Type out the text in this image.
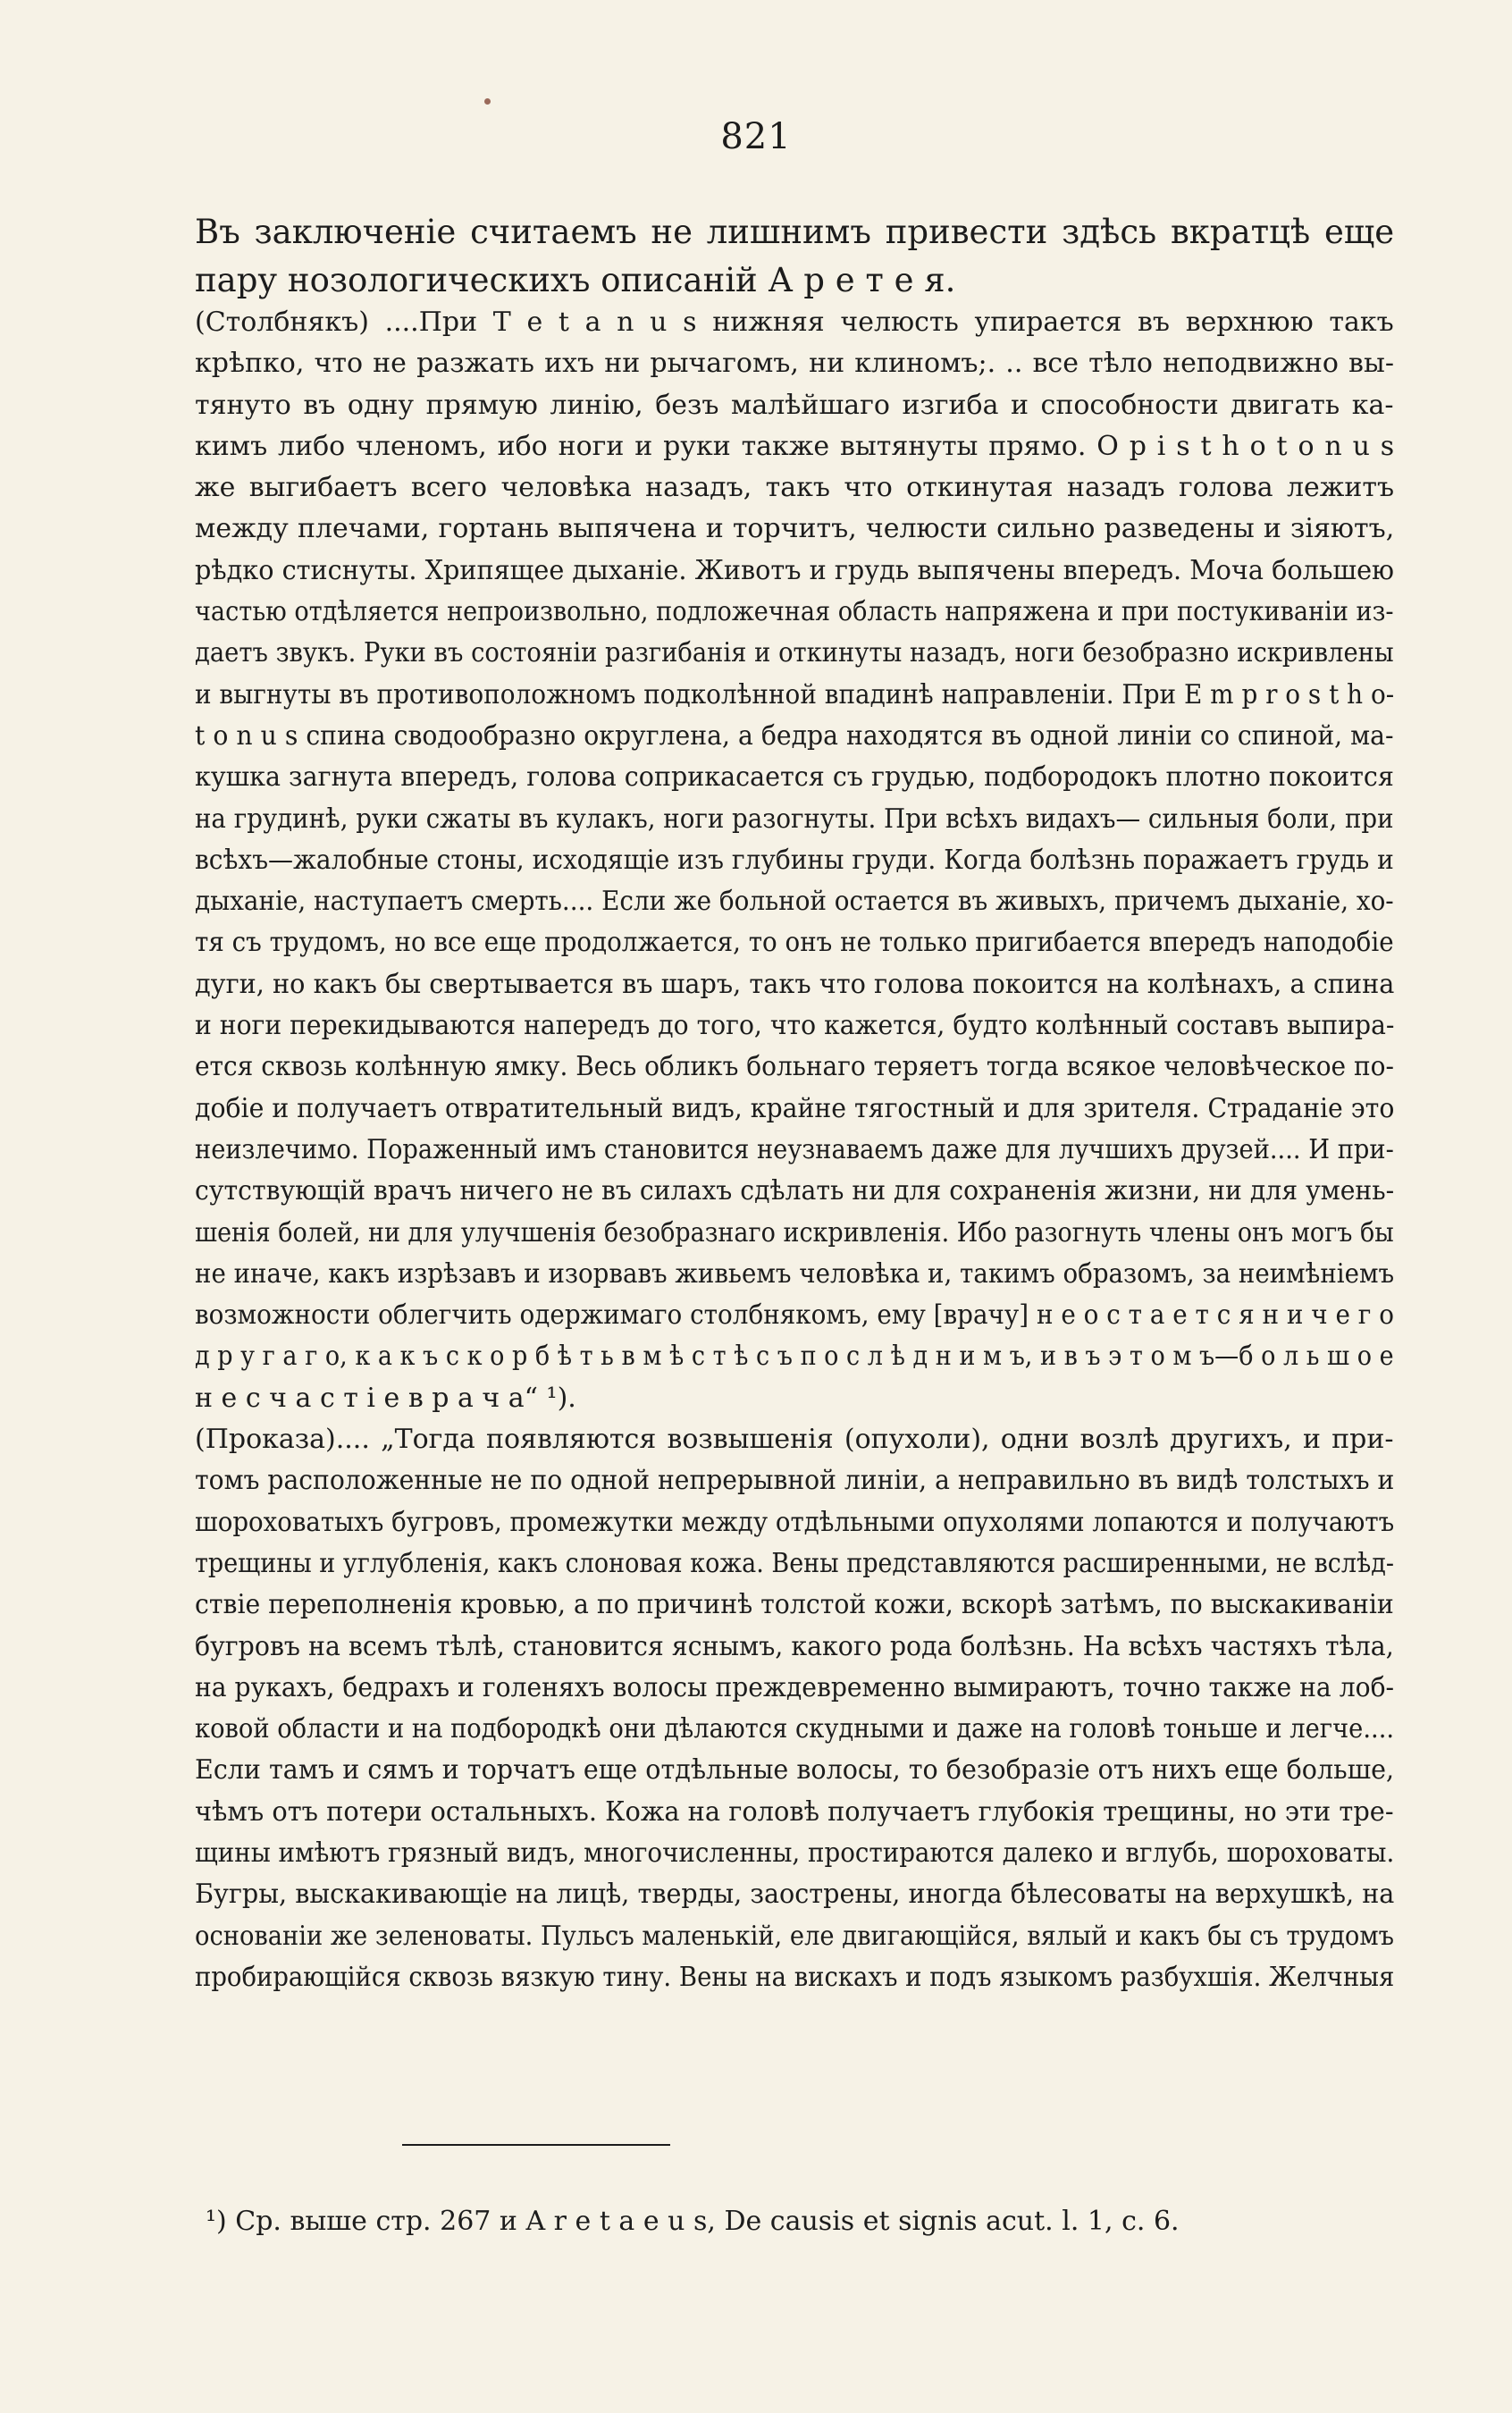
821
Въ заключеніе считаемъ не лишнимъ привести здѣсь вкратцѣ еще
пару нозологическихъ описаній А р е т е я.
(Столбнякъ) ....При T e t a n u s нижняя челюсть упирается въ верхнюю такъ
крѣпко, что не разжать ихъ ни рычагомъ, ни клиномъ;. .. все тѣло неподвижно вы-
тянуто въ одну прямую линію, безъ малѣйшаго изгиба и способности двигать ка-
кимъ либо членомъ, ибо ноги и руки также вытянуты прямо. O p i s t h o t o n u s
же выгибаетъ всего человѣка назадъ, такъ что откинутая назадъ голова лежитъ
между плечами, гортань выпячена и торчитъ, челюсти сильно разведены и зіяютъ,
рѣдко стиснуты. Хрипящее дыханіе. Животъ и грудь выпячены впередъ. Моча большею
частью отдѣляется непроизвольно, подложечная область напряжена и при постукиваніи из-
даетъ звукъ. Руки въ состояніи разгибанія и откинуты назадъ, ноги безобразно искривлены
и выгнуты въ противоположномъ подколѣнной впадинѣ направленіи. При E m p r o s t h o-
t o n u s спина сводообразно округлена, а бедра находятся въ одной линіи со спиной, ма-
кушка загнута впередъ, голова соприкасается съ грудью, подбородокъ плотно покоится
на грудинѣ, руки сжаты въ кулакъ, ноги разогнуты. При всѣхъ видахъ— сильныя боли, при
всѣхъ—жалобные стоны, исходящіе изъ глубины груди. Когда болѣзнь поражаетъ грудь и
дыханіе, наступаетъ смерть.... Если же больной остается въ живыхъ, причемъ дыханіе, хо-
тя съ трудомъ, но все еще продолжается, то онъ не только пригибается впередъ наподобіе
дуги, но какъ бы свертывается въ шаръ, такъ что голова покоится на колѣнахъ, а спина
и ноги перекидываются напередъ до того, что кажется, будто колѣнный составъ выпира-
ется сквозь колѣнную ямку. Весь обликъ больнаго теряетъ тогда всякое человѣческое по-
добіе и получаетъ отвратительный видъ, крайне тягостный и для зрителя. Страданіе это
неизлечимо. Пораженный имъ становится неузнаваемъ даже для лучшихъ друзей.... И при-
сутствующій врачъ ничего не въ силахъ сдѣлать ни для сохраненія жизни, ни для умень-
шенія болей, ни для улучшенія безобразнаго искривленія. Ибо разогнуть члены онъ могъ бы
не иначе, какъ изрѣзавъ и изорвавъ живьемъ человѣка и, такимъ образомъ, за неимѣніемъ
возможности облегчить одержимаго столбнякомъ, ему [врачу] н е о с т а е т с я н и ч е г о
д р у г а г о, к а к ъ с к о р б ѣ т ь в м ѣ с т ѣ с ъ п о с л ѣ д н и м ъ, и в ъ э т о м ъ—б о л ь ш о е
н е с ч а с т і е в р а ч а“ ¹).
(Проказа).... „Тогда появляются возвышенія (опухоли), одни возлѣ другихъ, и при-
томъ расположенные не по одной непрерывной линіи, а неправильно въ видѣ толстыхъ и
шороховатыхъ бугровъ, промежутки между отдѣльными опухолями лопаются и получаютъ
трещины и углубленія, какъ слоновая кожа. Вены представляются расширенными, не вслѣд-
ствіе переполненія кровью, а по причинѣ толстой кожи, вскорѣ затѣмъ, по выскакиваніи
бугровъ на всемъ тѣлѣ, становится яснымъ, какого рода болѣзнь. На всѣхъ частяхъ тѣла,
на рукахъ, бедрахъ и голеняхъ волосы преждевременно вымираютъ, точно также на лоб-
ковой области и на подбородкѣ они дѣлаются скудными и даже на головѣ тоньше и легче....
Если тамъ и сямъ и торчатъ еще отдѣльные волосы, то безобразіе отъ нихъ еще больше,
чѣмъ отъ потери остальныхъ. Кожа на головѣ получаетъ глубокія трещины, но эти тре-
щины имѣютъ грязный видъ, многочисленны, простираются далеко и вглубь, шороховаты.
Бугры, выскакивающіе на лицѣ, тверды, заострены, иногда бѣлесоваты на верхушкѣ, на
основаніи же зеленоваты. Пульсъ маленькій, еле двигающійся, вялый и какъ бы съ трудомъ
пробирающійся сквозь вязкую тину. Вены на вискахъ и подъ языкомъ разбухшія. Желчныя
¹) Ср. выше стр. 267 и A r e t a e u s, De causis et signis acut. l. 1, c. 6.
